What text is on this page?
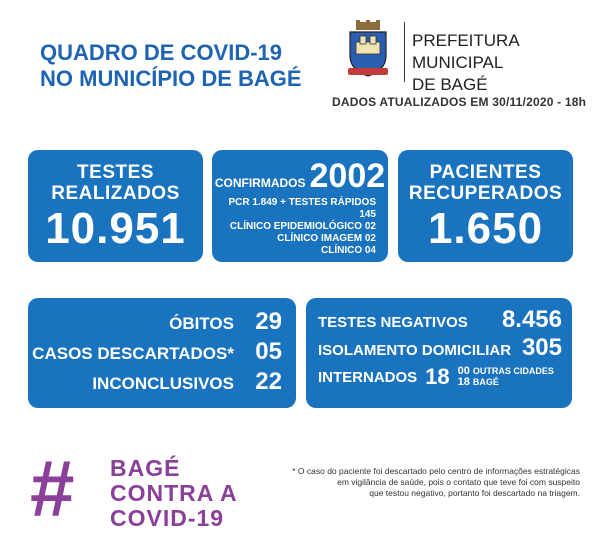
QUADRO DE COVID-19
NO MUNICÍPIO DE BAGÉ
PREFEITURA MUNICIPAL
DE BAGÉ
DADOS ATUALIZADOS EM 30/11/2020 - 18h
TESTES
REALIZADOS
10.951
CONFIRMADOS 2002
PCR 1.849 + TESTES RÁPIDOS 145
CLÍNICO EPIDEMIOLÓGICO 02
CLÍNICO IMAGEM 02
CLÍNICO 04
PACIENTES
RECUPERADOS
1.650
ÓBITOS 29
CASOS DESCARTADOS* 05
INCONCLUSIVOS 22
TESTES NEGATIVOS 8.456
ISOLAMENTO DOMICILIAR 305
INTERNADOS 18 00 OUTRAS CIDADES
18 BAGÉ
# BAGÉ
CONTRA A
COVID-19
* O caso do paciente foi descartado pelo centro de informações estratégicas
em vigilância de saúde, pois o contato que teve foi com suspeito
que testou negativo, portanto foi descartado na triagem.
